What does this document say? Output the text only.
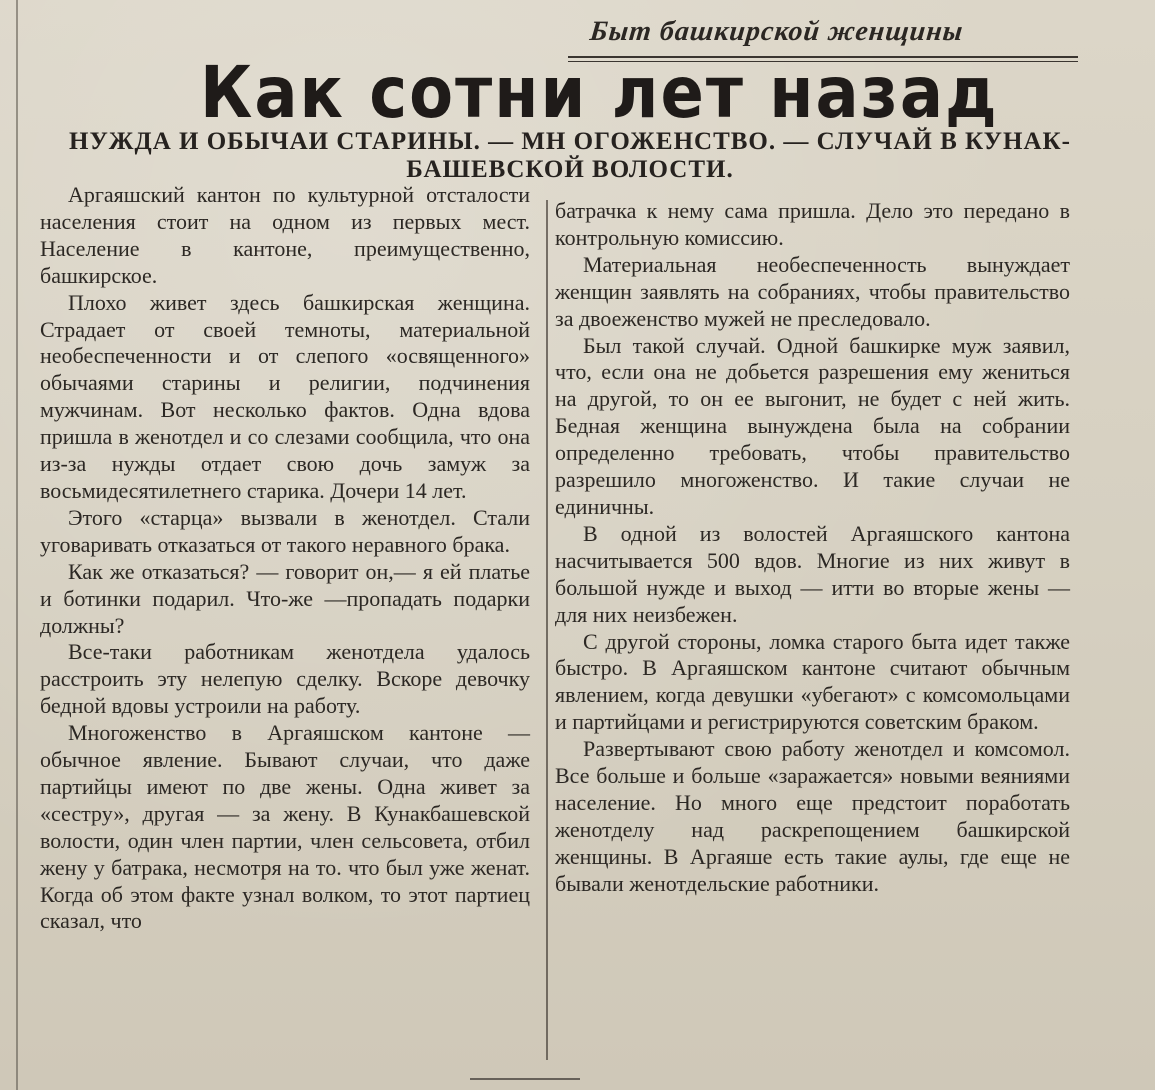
Быт башкирской женщины
Как сотни лет назад
НУЖДА И ОБЫЧАИ СТАРИНЫ. — МН ОГОЖЕНСТВО. — СЛУЧАЙ В КУНАК-
БАШЕВСКОЙ ВОЛОСТИ.

Аргаяшский кантон по культурной отсталости населения стоит на одном из первых мест. Население в кантоне, преимущественно, башкирское.

Плохо живет здесь башкирская женщина. Страдает от своей темноты, материальной необеспеченности и от слепого «освященного» обычаями старины и религии, подчинения мужчинам. Вот несколько фактов. Одна вдова пришла в женотдел и со слезами сообщила, что она из-за нужды отдает свою дочь замуж за восьмидесятилетнего старика. Дочери 14 лет.

Этого «старца» вызвали в женотдел. Стали уговаривать отказаться от такого неравного брака.

Как же отказаться? — говорит он,— я ей платье и ботинки подарил. Что-же —пропадать подарки должны?

Все-таки работникам женотдела удалось расстроить эту нелепую сделку. Вскоре девочку бедной вдовы устроили на работу.

Многоженство в Аргаяшском кантоне —обычное явление. Бывают случаи, что даже партийцы имеют по две жены. Одна живет за «сестру», другая — за жену. В Кунакбашевской волости, один член партии, член сельсовета, отбил жену у батрака, несмотря на то. что был уже женат. Когда об этом факте узнал волком, то этот партиец сказал, что

батрачка к нему сама пришла. Дело это передано в контрольную комиссию.

Материальная необеспеченность вынуждает женщин заявлять на собраниях, чтобы правительство за двоеженство мужей не преследовало.

Был такой случай. Одной башкирке муж заявил, что, если она не добьется разрешения ему жениться на другой, то он ее выгонит, не будет с ней жить. Бедная женщина вынуждена была на собрании определенно требовать, чтобы правительство разрешило многоженство. И такие случаи не единичны.

В одной из волостей Аргаяшского кантона насчитывается 500 вдов. Многие из них живут в большой нужде и выход — итти во вторые жены — для них неизбежен.

С другой стороны, ломка старого быта идет также быстро. В Аргаяшском кантоне считают обычным явлением, когда девушки «убегают» с комсомольцами и партийцами и регистрируются советским браком.

Развертывают свою работу женотдел и комсомол. Все больше и больше «заражается» новыми веяниями население. Но много еще предстоит поработать женотделу над раскрепощением башкирской женщины. В Аргаяше есть такие аулы, где еще не бывали женотдельские работники.
